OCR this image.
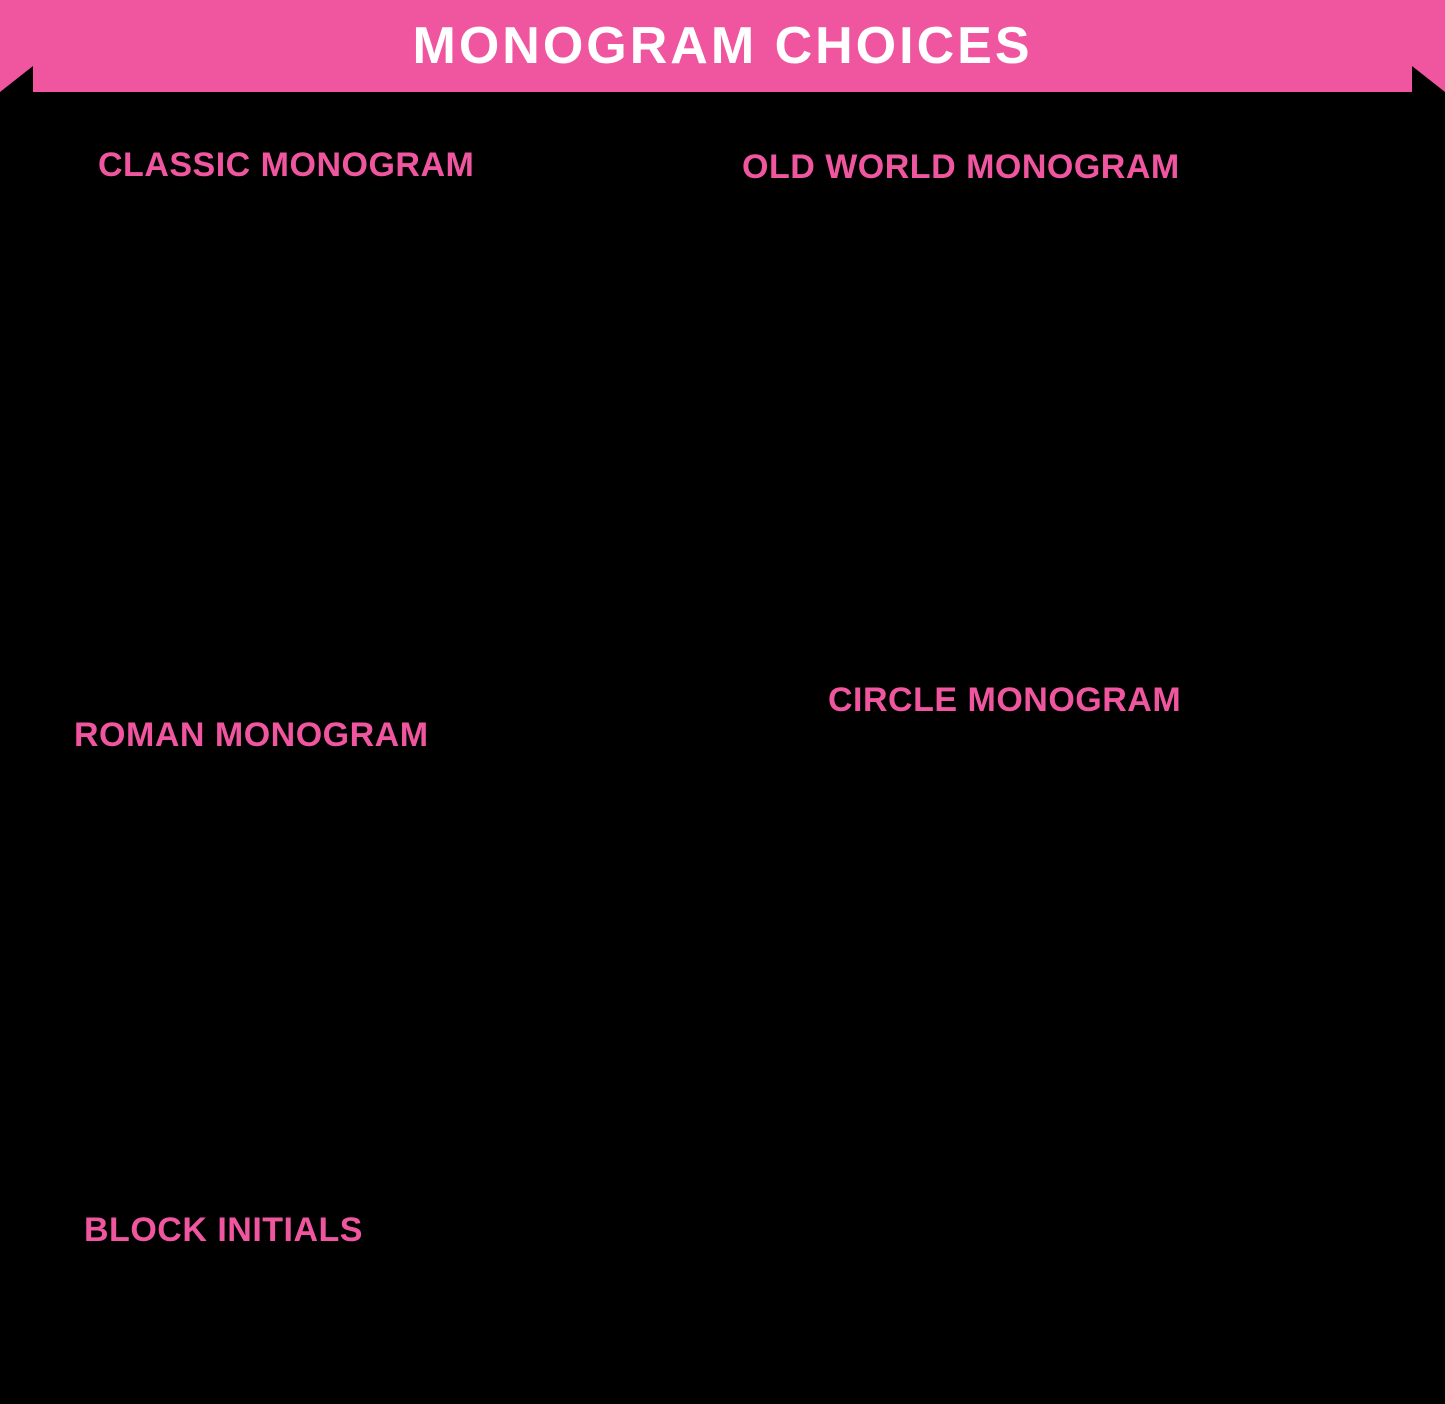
MONOGRAM CHOICES
CLASSIC MONOGRAM	OLD WORLD MONOGRAM
ROMAN MONOGRAM
CIRCLE MONOGRAM
BLOCK INITIALS
